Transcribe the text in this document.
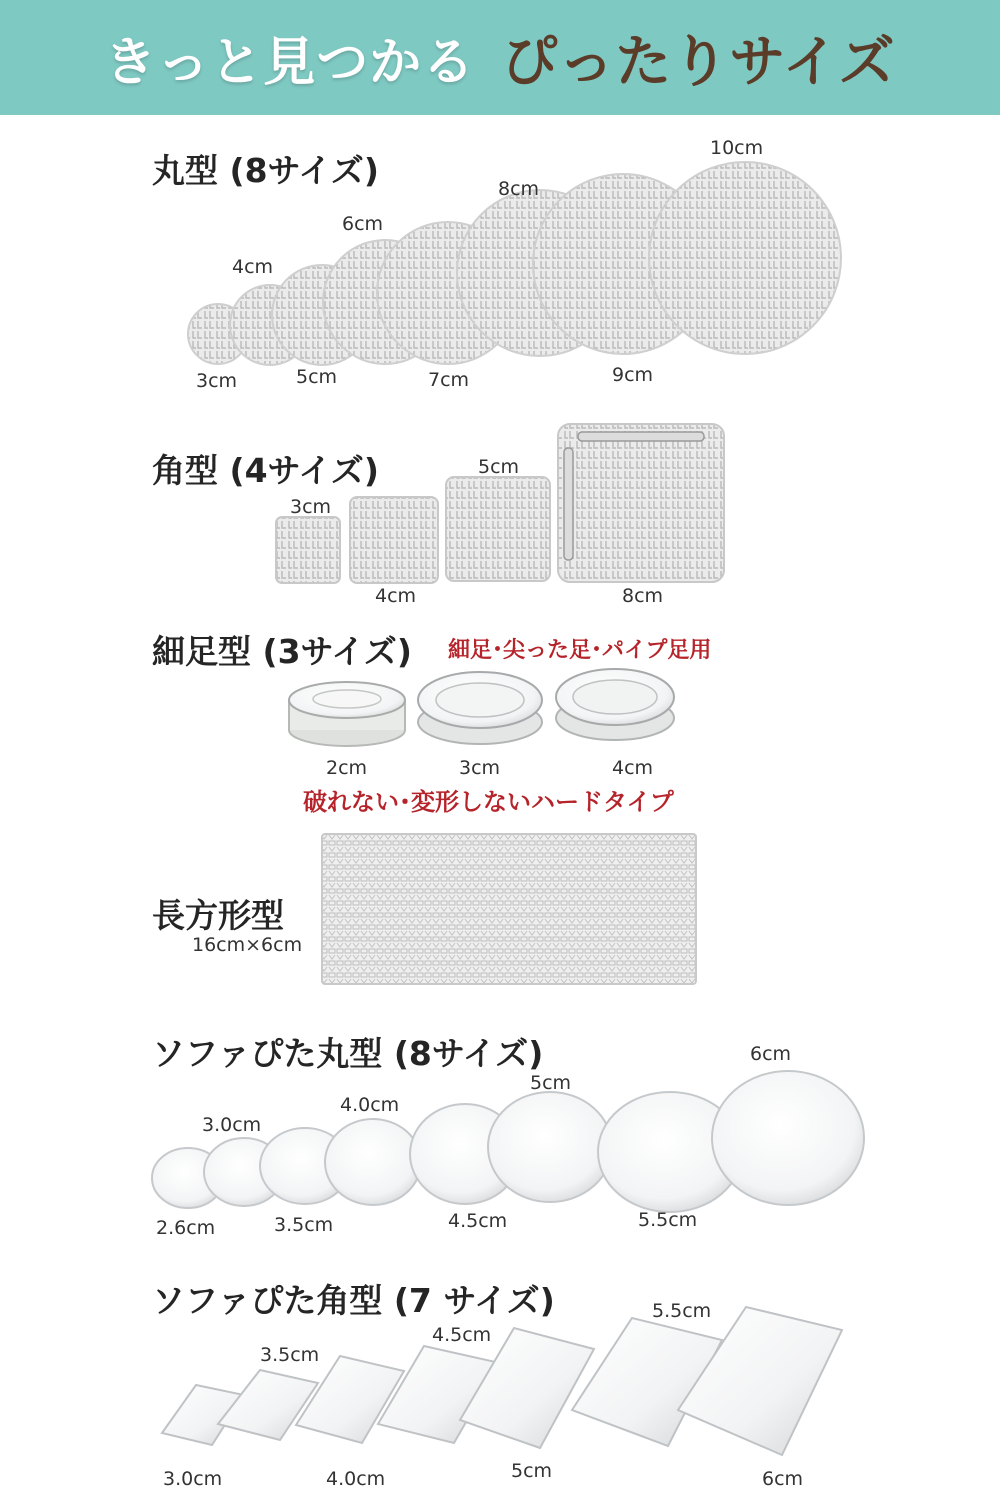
きっと見つかる ぴったりサイズ
丸型 (8サイズ)
3cm
4cm
5cm
6cm
7cm
8cm
9cm
10cm
角型 (4サイズ)
3cm
4cm
5cm
8cm
細足型 (3サイズ) 細足･尖った足･パイプ足用
2cm	3cm	4cm
破れない･変形しないハードタイプ
長方形型
16cm×6cm
ソファぴた丸型 (8サイズ)
2.6cm
3.0cm
3.5cm
4.0cm
4.5cm
5cm
5.5cm
6cm
ソファぴた角型 (7 サイズ)
3.0cm
3.5cm
4.0cm
4.5cm
5cm
5.5cm
6cm
